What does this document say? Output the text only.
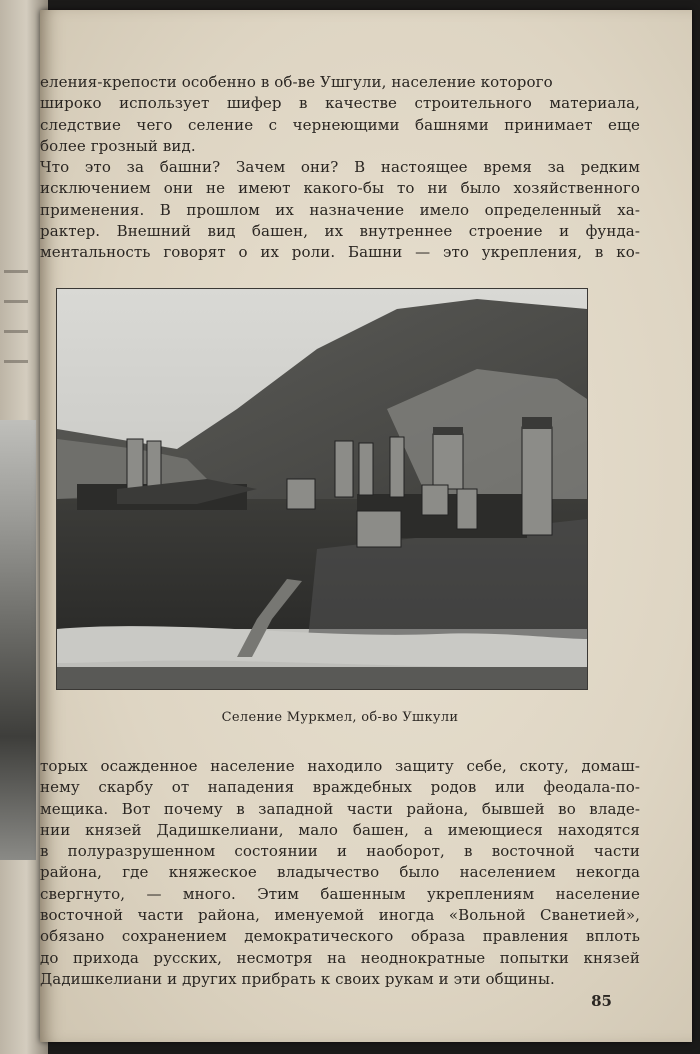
еления-крепости особенно в об-ве Ушгули, население которого
широко использует шифер в качестве строительного материала,
следствие чего селение с чернеющими башнями принимает еще
более грозный вид.
Что это за башни? Зачем они? В настоящее время за редким
исключением они не имеют какого-бы то ни было хозяйственного
применения. В прошлом их назначение имело определенный ха-
рактер. Внешний вид башен, их внутреннее строение и фунда-
ментальность говорят о их роли. Башни — это укрепления, в ко-
Селение Муркмел, об-во Ушкули
торых осажденное население находило защиту себе, скоту, домаш-
нему скарбу от нападения враждебных родов или феодала-по-
мещика. Вот почему в западной части района, бывшей во владе-
нии князей Дадишкелиани, мало башен, а имеющиеся находятся
в полуразрушенном состоянии и наоборот, в восточной части
района, где княжеское владычество было населением некогда
свергнуто, — много. Этим башенным укреплениям население
восточной части района, именуемой иногда «Вольной Сванетией»,
обязано сохранением демократического образа правления вплоть
до прихода русских, несмотря на неоднократные попытки князей
Дадишкелиани и других прибрать к своих рукам и эти общины.
85
